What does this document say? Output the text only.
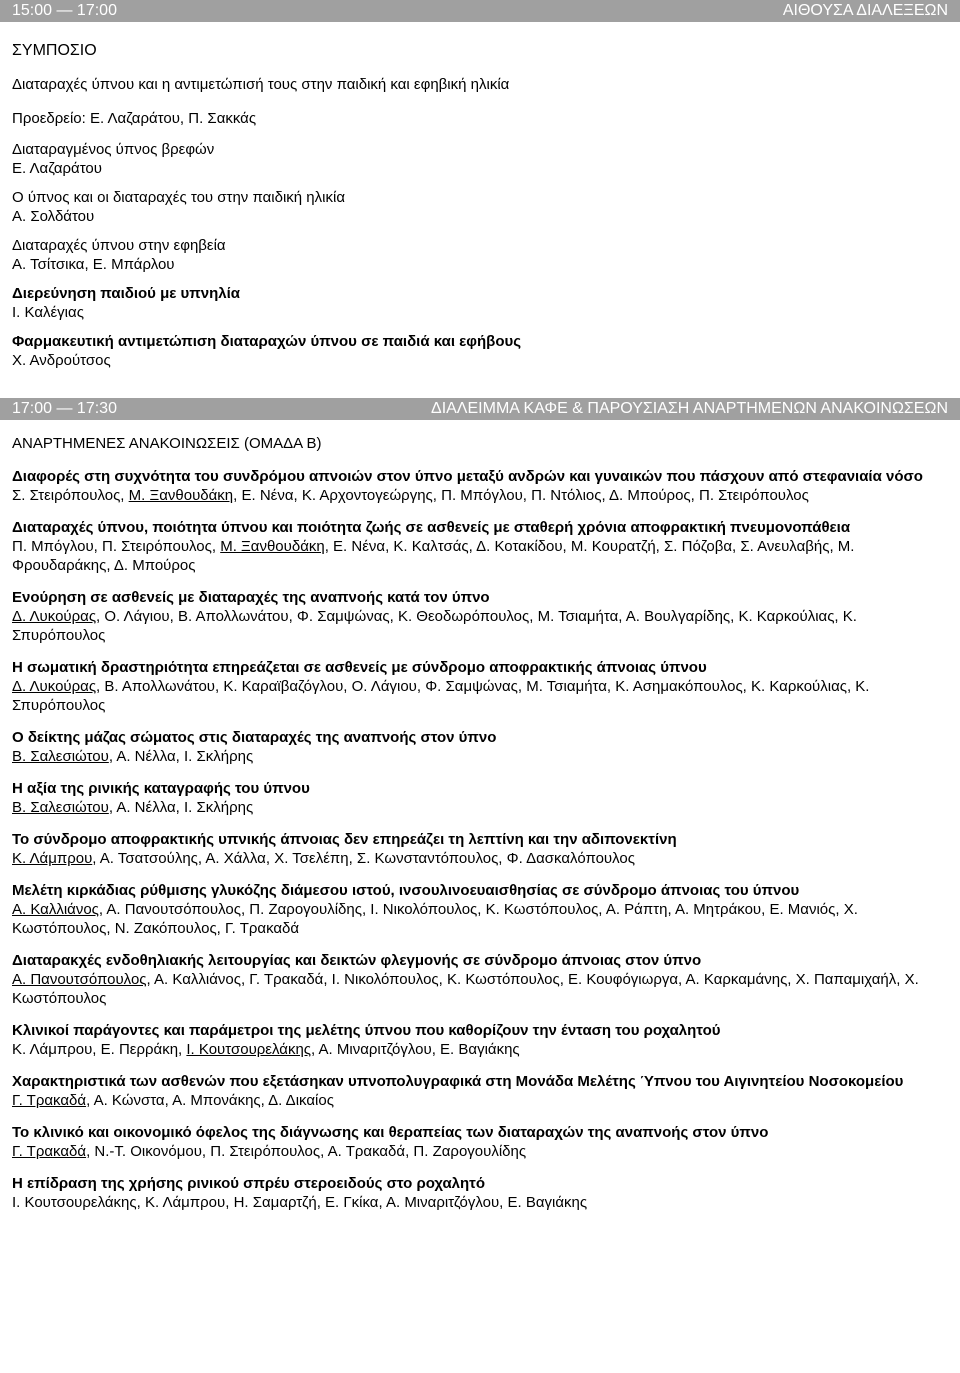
15:00 — 17:00	ΑΙΘΟΥΣΑ ΔΙΑΛΕΞΕΩΝ
ΣΥΜΠΟΣΙΟ
Διαταραχές ύπνου και η αντιμετώπισή τους στην παιδική και εφηβική ηλικία
Προεδρείο: Ε. Λαζαράτου, Π. Σακκάς
Διαταραγμένος ύπνος βρεφών
Ε. Λαζαράτου
Ο ύπνος και οι διαταραχές του στην παιδική ηλικία
Α. Σολδάτου
Διαταραχές ύπνου στην εφηβεία
Α. Τσίτσικα, Ε. Μπάρλου
Διερεύνηση παιδιού με υπνηλία
Ι. Καλέγιας
Φαρμακευτική αντιμετώπιση διαταραχών ύπνου σε παιδιά και εφήβους
Χ. Ανδρούτσος
17:00 — 17:30	ΔΙΑΛΕΙΜΜΑ ΚΑΦΕ & ΠΑΡΟΥΣΙΑΣΗ ΑΝΑΡΤΗΜΕΝΩΝ ΑΝΑΚΟΙΝΩΣΕΩΝ
ΑΝΑΡΤΗΜΕΝΕΣ ΑΝΑΚΟΙΝΩΣΕΙΣ (ΟΜΑΔΑ Β)
Διαφορές στη συχνότητα του συνδρόμου απνοιών στον ύπνο μεταξύ ανδρών και γυναικών που πάσχουν από στεφανιαία νόσο
Σ. Στειρόπουλος, Μ. Ξανθουδάκη, Ε. Νένα, Κ. Αρχοντογεώργης, Π. Μπόγλου, Π. Ντόλιος, Δ. Μπούρος, Π. Στειρόπουλος
Διαταραχές ύπνου, ποιότητα ύπνου και ποιότητα ζωής σε ασθενείς με σταθερή χρόνια αποφρακτική πνευμονοπάθεια
Π. Μπόγλου, Π. Στειρόπουλος, Μ. Ξανθουδάκη, Ε. Νένα, Κ. Καλτσάς, Δ. Κοτακίδου, Μ. Κουρατζή, Σ. Πόζοβα, Σ. Ανευλαβής, Μ. Φρουδαράκης, Δ. Μπούρος
Ενούρηση σε ασθενείς με διαταραχές της αναπνοής κατά τον ύπνο
Δ. Λυκούρας, Ο. Λάγιου, Β. Απολλωνάτου, Φ. Σαμψώνας, Κ. Θεοδωρόπουλος, Μ. Τσιαμήτα, Α. Βουλγαρίδης, Κ. Καρκούλιας, Κ. Σπυρόπουλος
Η σωματική δραστηριότητα επηρεάζεται σε ασθενείς με σύνδρομο αποφρακτικής άπνοιας ύπνου
Δ. Λυκούρας, Β. Απολλωνάτου, Κ. Καραϊβαζόγλου, Ο. Λάγιου, Φ. Σαμψώνας, Μ. Τσιαμήτα, Κ. Ασημακόπουλος, Κ. Καρκούλιας, Κ. Σπυρόπουλος
Ο δείκτης μάζας σώματος στις διαταραχές της αναπνοής στον ύπνο
Β. Σαλεσιώτου, Α. Νέλλα, Ι. Σκλήρης
Η αξία της ρινικής καταγραφής του ύπνου
Β. Σαλεσιώτου, Α. Νέλλα, Ι. Σκλήρης
Το σύνδρομο αποφρακτικής υπνικής άπνοιας δεν επηρεάζει τη λεπτίνη και την αδιπονεκτίνη
Κ. Λάμπρου, Α. Τσατσούλης, Α. Χάλλα, Χ. Τσελέπη, Σ. Κωνσταντόπουλος, Φ. Δασκαλόπουλος
Μελέτη κιρκάδιας ρύθμισης γλυκόζης διάμεσου ιστού, ινσουλινοευαισθησίας σε σύνδρομο άπνοιας του ύπνου
Α. Καλλιάνος, Α. Πανουτσόπουλος, Π. Ζαρογουλίδης, Ι. Νικολόπουλος, Κ. Κωστόπουλος, Α. Ράπτη, Α. Μητράκου, Ε. Μανιός, Χ. Κωστόπουλος, Ν. Ζακόπουλος, Γ. Τρακαδά
Διαταρακχές ενδοθηλιακής λειτουργίας και δεικτών φλεγμονής σε σύνδρομο άπνοιας στον ύπνο
Α. Πανουτσόπουλος, Α. Καλλιάνος, Γ. Τρακαδά, Ι. Νικολόπουλος, Κ. Κωστόπουλος, Ε. Κουφόγιωργα, Α. Καρκαμάνης, Χ. Παπαμιχαήλ, Χ. Κωστόπουλος
Κλινικοί παράγοντες και παράμετροι της μελέτης ύπνου που καθορίζουν την ένταση του ροχαλητού
Κ. Λάμπρου, Ε. Περράκη, Ι. Κουτσουρελάκης, Α. Μιναριτζόγλου, Ε. Βαγιάκης
Χαρακτηριστικά των ασθενών που εξετάσηκαν υπνοπολυγραφικά στη Μονάδα Μελέτης Ύπνου του Αιγινητείου Νοσοκομείου
Γ. Τρακαδά, Α. Κώνστα, Α. Μπονάκης, Δ. Δικαίος
Το κλινικό και οικονομικό όφελος της διάγνωσης και θεραπείας των διαταραχών της αναπνοής στον ύπνο
Γ. Τρακαδά, Ν.-Τ. Οικονόμου, Π. Στειρόπουλος, Α. Τρακαδά, Π. Ζαρογουλίδης
Η επίδραση της χρήσης ρινικού σπρέυ στεροειδούς στο ροχαλητό
Ι. Κουτσουρελάκης, Κ. Λάμπρου, Η. Σαμαρτζή, Ε. Γκίκα, Α. Μιναριτζόγλου, Ε. Βαγιάκης
